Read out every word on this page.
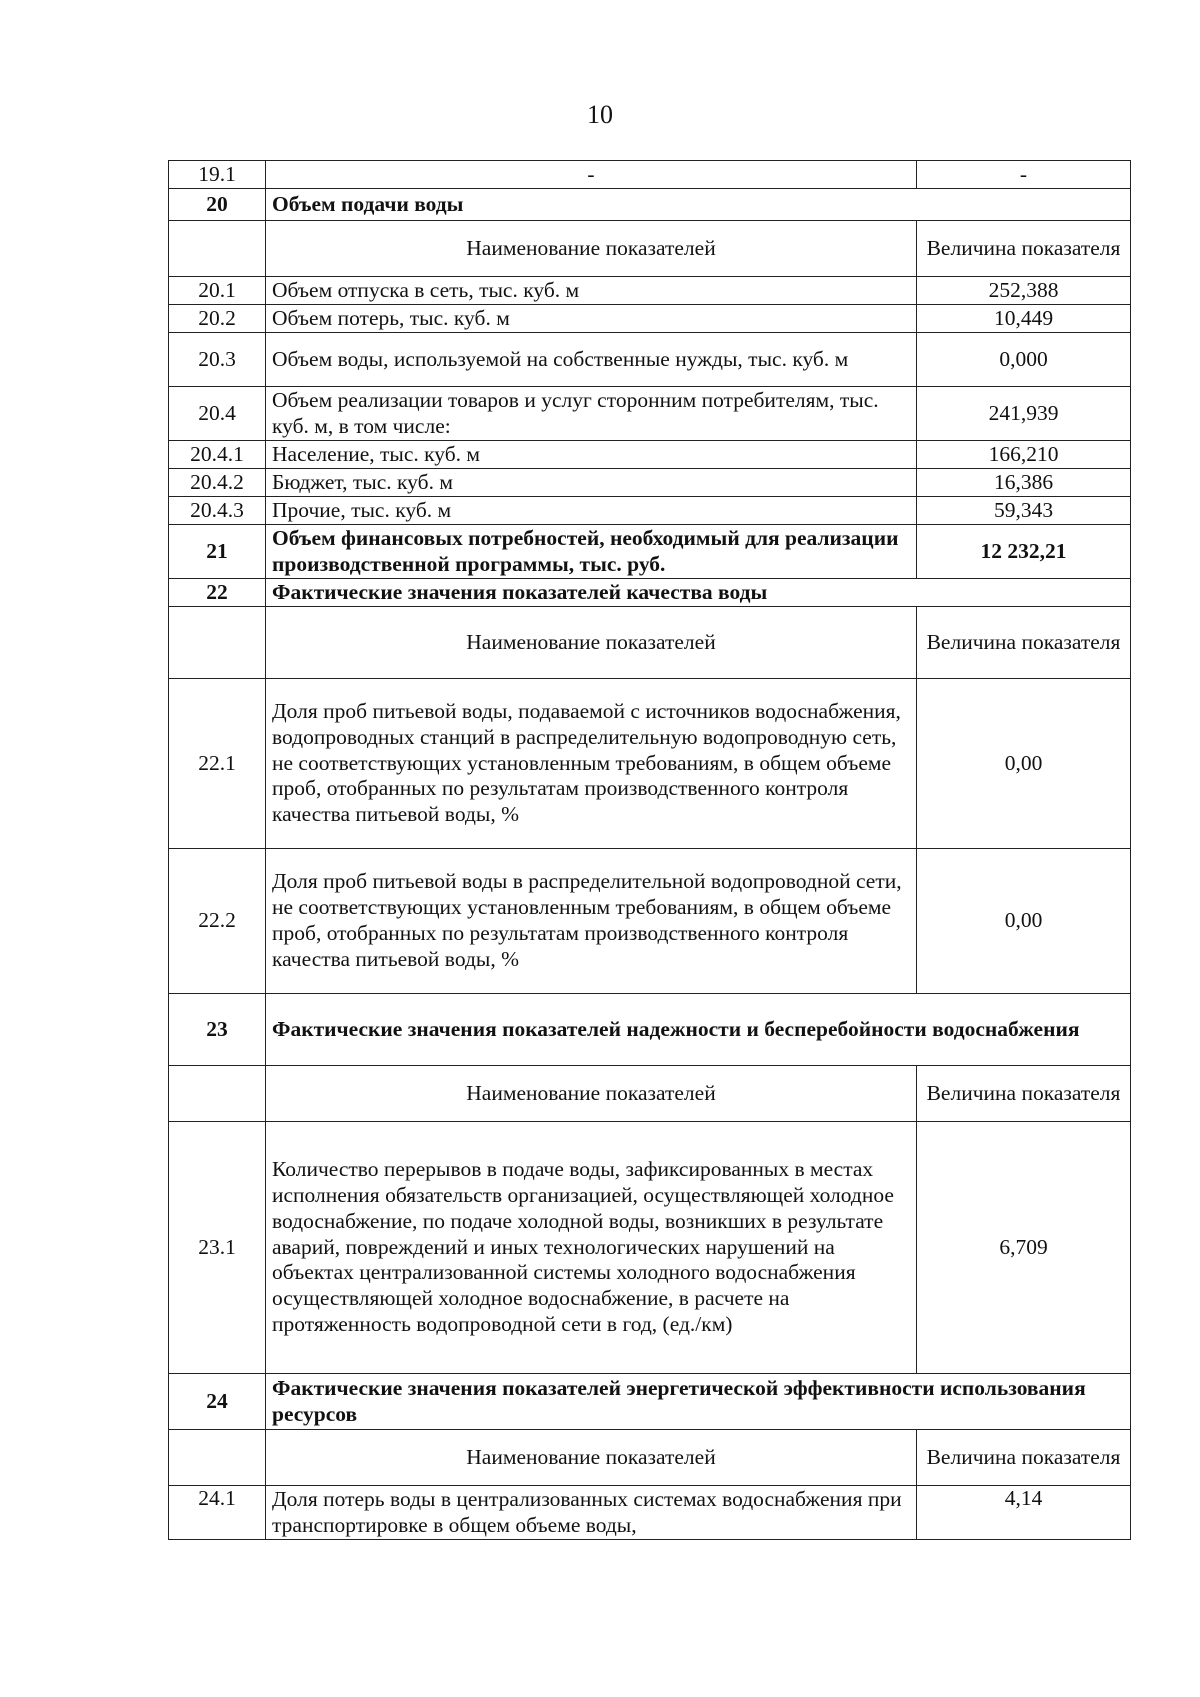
10
19.1	-	-
20	Объем подачи воды	
	Наименование показателей	Величина показателя
20.1	Объем отпуска в сеть, тыс. куб. м	252,388
20.2	Объем потерь, тыс. куб. м	10,449
20.3	Объем воды, используемой на собственные нужды, тыс. куб. м	0,000
20.4	Объем реализации товаров и услуг сторонним потребителям, тыс. куб. м, в том числе:	241,939
20.4.1	Население, тыс. куб. м	166,210
20.4.2	Бюджет, тыс. куб. м	16,386
20.4.3	Прочие, тыс. куб. м	59,343
21	Объем финансовых потребностей, необходимый для реализации производственной программы, тыс. руб.	12 232,21
22	Фактические значения показателей качества воды	
	Наименование показателей	Величина показателя
22.1	Доля проб питьевой воды, подаваемой с источников водоснабжения, водопроводных станций в распределительную водопроводную сеть, не соответствующих установленным требованиям, в общем объеме проб, отобранных по результатам производственного контроля качества питьевой воды, %	0,00
22.2	Доля проб питьевой воды в распределительной водопроводной сети, не соответствующих установленным требованиям, в общем объеме проб, отобранных по результатам производственного контроля качества питьевой воды, %	0,00
23	Фактические значения показателей надежности и бесперебойности водоснабжения	
	Наименование показателей	Величина показателя
23.1	Количество перерывов в подаче воды, зафиксированных в местах исполнения обязательств организацией, осуществляющей холодное водоснабжение, по подаче холодной воды, возникших в результате аварий, повреждений и иных технологических нарушений на объектах централизованной системы холодного водоснабжения осуществляющей холодное водоснабжение, в расчете на протяженность водопроводной сети в год, (ед./км)	6,709
24	Фактические значения показателей энергетической эффективности использования ресурсов	
	Наименование показателей	Величина показателя
24.1	Доля потерь воды в централизованных системах водоснабжения при транспортировке в общем объеме воды,	4,14
